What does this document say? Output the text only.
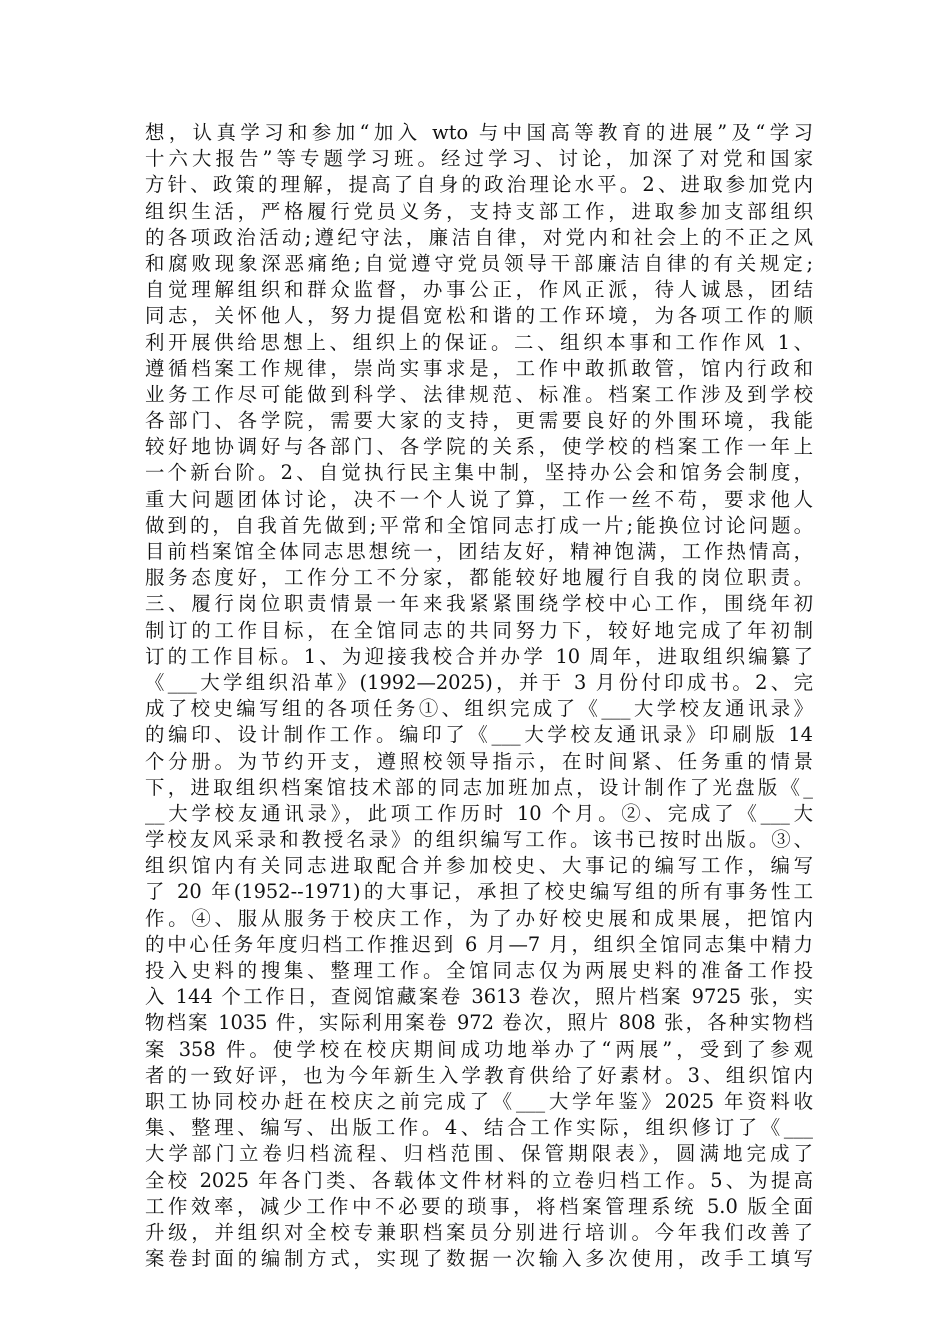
想，认真学习和参加“加入 wto 与中国高等教育的进展”及“学习
十六大报告”等专题学习班。经过学习、讨论，加深了对党和国家
方针、政策的理解，提高了自身的政治理论水平。2、进取参加党内
组织生活，严格履行党员义务，支持支部工作，进取参加支部组织
的各项政治活动;遵纪守法，廉洁自律，对党内和社会上的不正之风
和腐败现象深恶痛绝;自觉遵守党员领导干部廉洁自律的有关规定;
自觉理解组织和群众监督，办事公正，作风正派，待人诚恳，团结
同志，关怀他人，努力提倡宽松和谐的工作环境，为各项工作的顺
利开展供给思想上、组织上的保证。二、组织本事和工作作风 1、
遵循档案工作规律，崇尚实事求是，工作中敢抓敢管，馆内行政和
业务工作尽可能做到科学、法律规范、标准。档案工作涉及到学校
各部门、各学院，需要大家的支持，更需要良好的外围环境，我能
较好地协调好与各部门、各学院的关系，使学校的档案工作一年上
一个新台阶。2、自觉执行民主集中制，坚持办公会和馆务会制度，
重大问题团体讨论，决不一个人说了算，工作一丝不苟，要求他人
做到的，自我首先做到;平常和全馆同志打成一片;能换位讨论问题。
目前档案馆全体同志思想统一，团结友好，精神饱满，工作热情高，
服务态度好，工作分工不分家，都能较好地履行自我的岗位职责。
三、履行岗位职责情景一年来我紧紧围绕学校中心工作，围绕年初
制订的工作目标，在全馆同志的共同努力下，较好地完成了年初制
订的工作目标。1、为迎接我校合并办学 10 周年，进取组织编纂了
《___大学组织沿革》(1992—2025)，并于 3 月份付印成书。2、完
成了校史编写组的各项任务①、组织完成了《___大学校友通讯录》
的编印、设计制作工作。编印了《___大学校友通讯录》印刷版 14
个分册。为节约开支，遵照校领导指示，在时间紧、任务重的情景
下，进取组织档案馆技术部的同志加班加点，设计制作了光盘版《_
__大学校友通讯录》，此项工作历时 10 个月。②、完成了《___大
学校友风采录和教授名录》的组织编写工作。该书已按时出版。③、
组织馆内有关同志进取配合并参加校史、大事记的编写工作，编写
了 20 年(1952--1971)的大事记，承担了校史编写组的所有事务性工
作。④、服从服务于校庆工作，为了办好校史展和成果展，把馆内
的中心任务年度归档工作推迟到 6 月—7 月，组织全馆同志集中精力
投入史料的搜集、整理工作。全馆同志仅为两展史料的准备工作投
入 144 个工作日，查阅馆藏案卷 3613 卷次，照片档案 9725 张，实
物档案 1035 件，实际利用案卷 972 卷次，照片 808 张，各种实物档
案 358 件。使学校在校庆期间成功地举办了“两展”，受到了参观
者的一致好评，也为今年新生入学教育供给了好素材。3、组织馆内
职工协同校办赶在校庆之前完成了《___大学年鉴》2025 年资料收
集、整理、编写、出版工作。4、结合工作实际，组织修订了《___
大学部门立卷归档流程、归档范围、保管期限表》，圆满地完成了
全校 2025 年各门类、各载体文件材料的立卷归档工作。5、为提高
工作效率，减少工作中不必要的琐事，将档案管理系统 5.0 版全面
升级，并组织对全校专兼职档案员分别进行培训。今年我们改善了
案卷封面的编制方式，实现了数据一次输入多次使用，改手工填写
